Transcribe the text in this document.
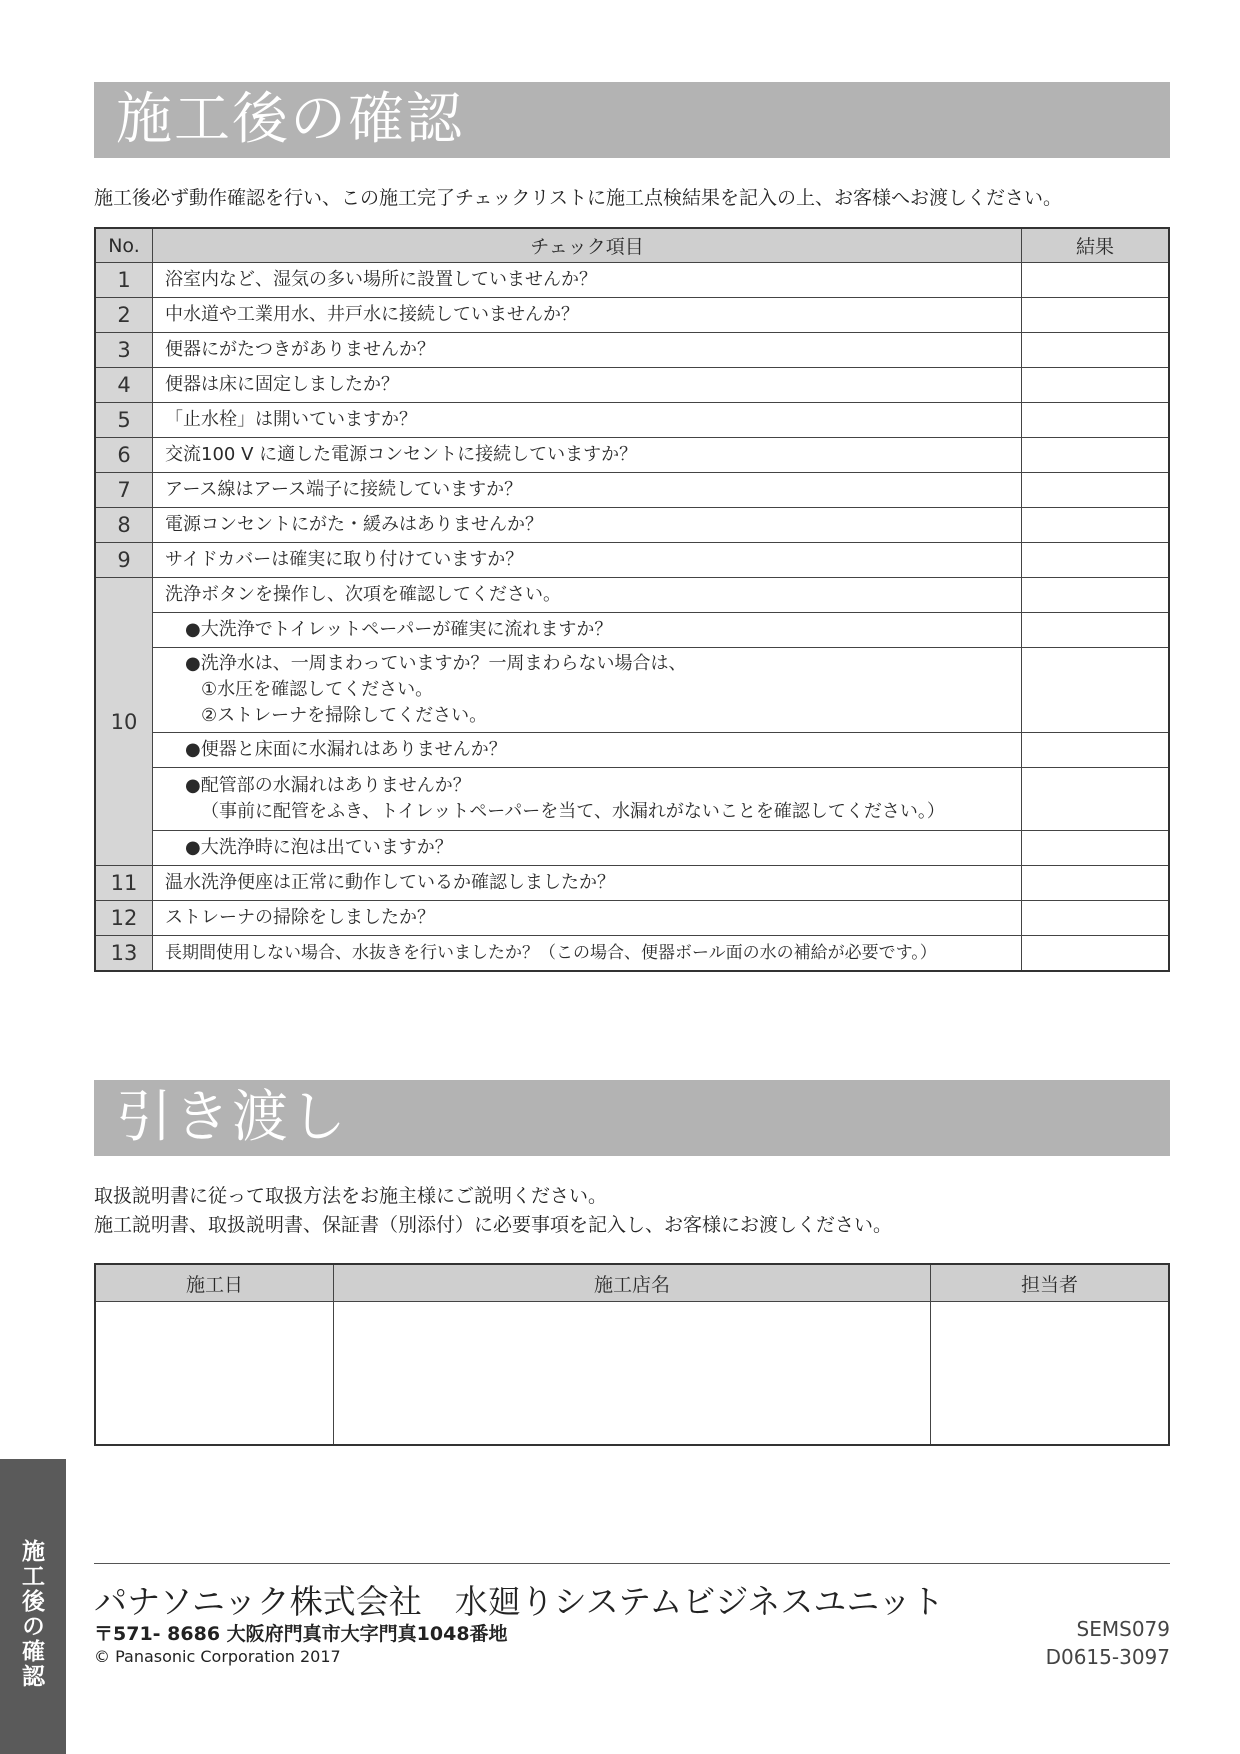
施工後の確認
施工後必ず動作確認を行い、この施工完了チェックリストに施工点検結果を記入の上、お客様へお渡しください。
No.	チェック項目	結果
1	浴室内など、湿気の多い場所に設置していませんか？	
2	中水道や工業用水、井戸水に接続していませんか？	
3	便器にがたつきがありませんか？	
4	便器は床に固定しましたか？	
5	「止水栓」は開いていますか？	
6	交流100 V に適した電源コンセントに接続していますか？	
7	アース線はアース端子に接続していますか？	
8	電源コンセントにがた・緩みはありませんか？	
9	サイドカバーは確実に取り付けていますか？	
10	洗浄ボタンを操作し、次項を確認してください。	
	●大洗浄でトイレットペーパーが確実に流れますか？	
	●洗浄水は、一周まわっていますか？一周まわらない場合は、

①水圧を確認してください。
②ストレーナを掃除してください。	

	●便器と床面に水漏れはありませんか？	
	●配管部の水漏れはありませんか？

（事前に配管をふき、トイレットペーパーを当て、水漏れがないことを確認してください。）	

	●大洗浄時に泡は出ていますか？	
11	温水洗浄便座は正常に動作しているか確認しましたか？	
12	ストレーナの掃除をしましたか？	
13	長期間使用しない場合、水抜きを行いましたか？（この場合、便器ボール面の水の補給が必要です。）	
引き渡し
取扱説明書に従って取扱方法をお施主様にご説明ください。
施工説明書、取扱説明書、保証書（別添付）に必要事項を記入し、お客様にお渡しください。
施工日	施工店名	担当者

パナソニック株式会社　水廻りシステムビジネスユニット
〒571- 8686 大阪府門真市大字門真1048番地
© Panasonic Corporation 2017
SEMS079
D0615-3097
施工後の確認
